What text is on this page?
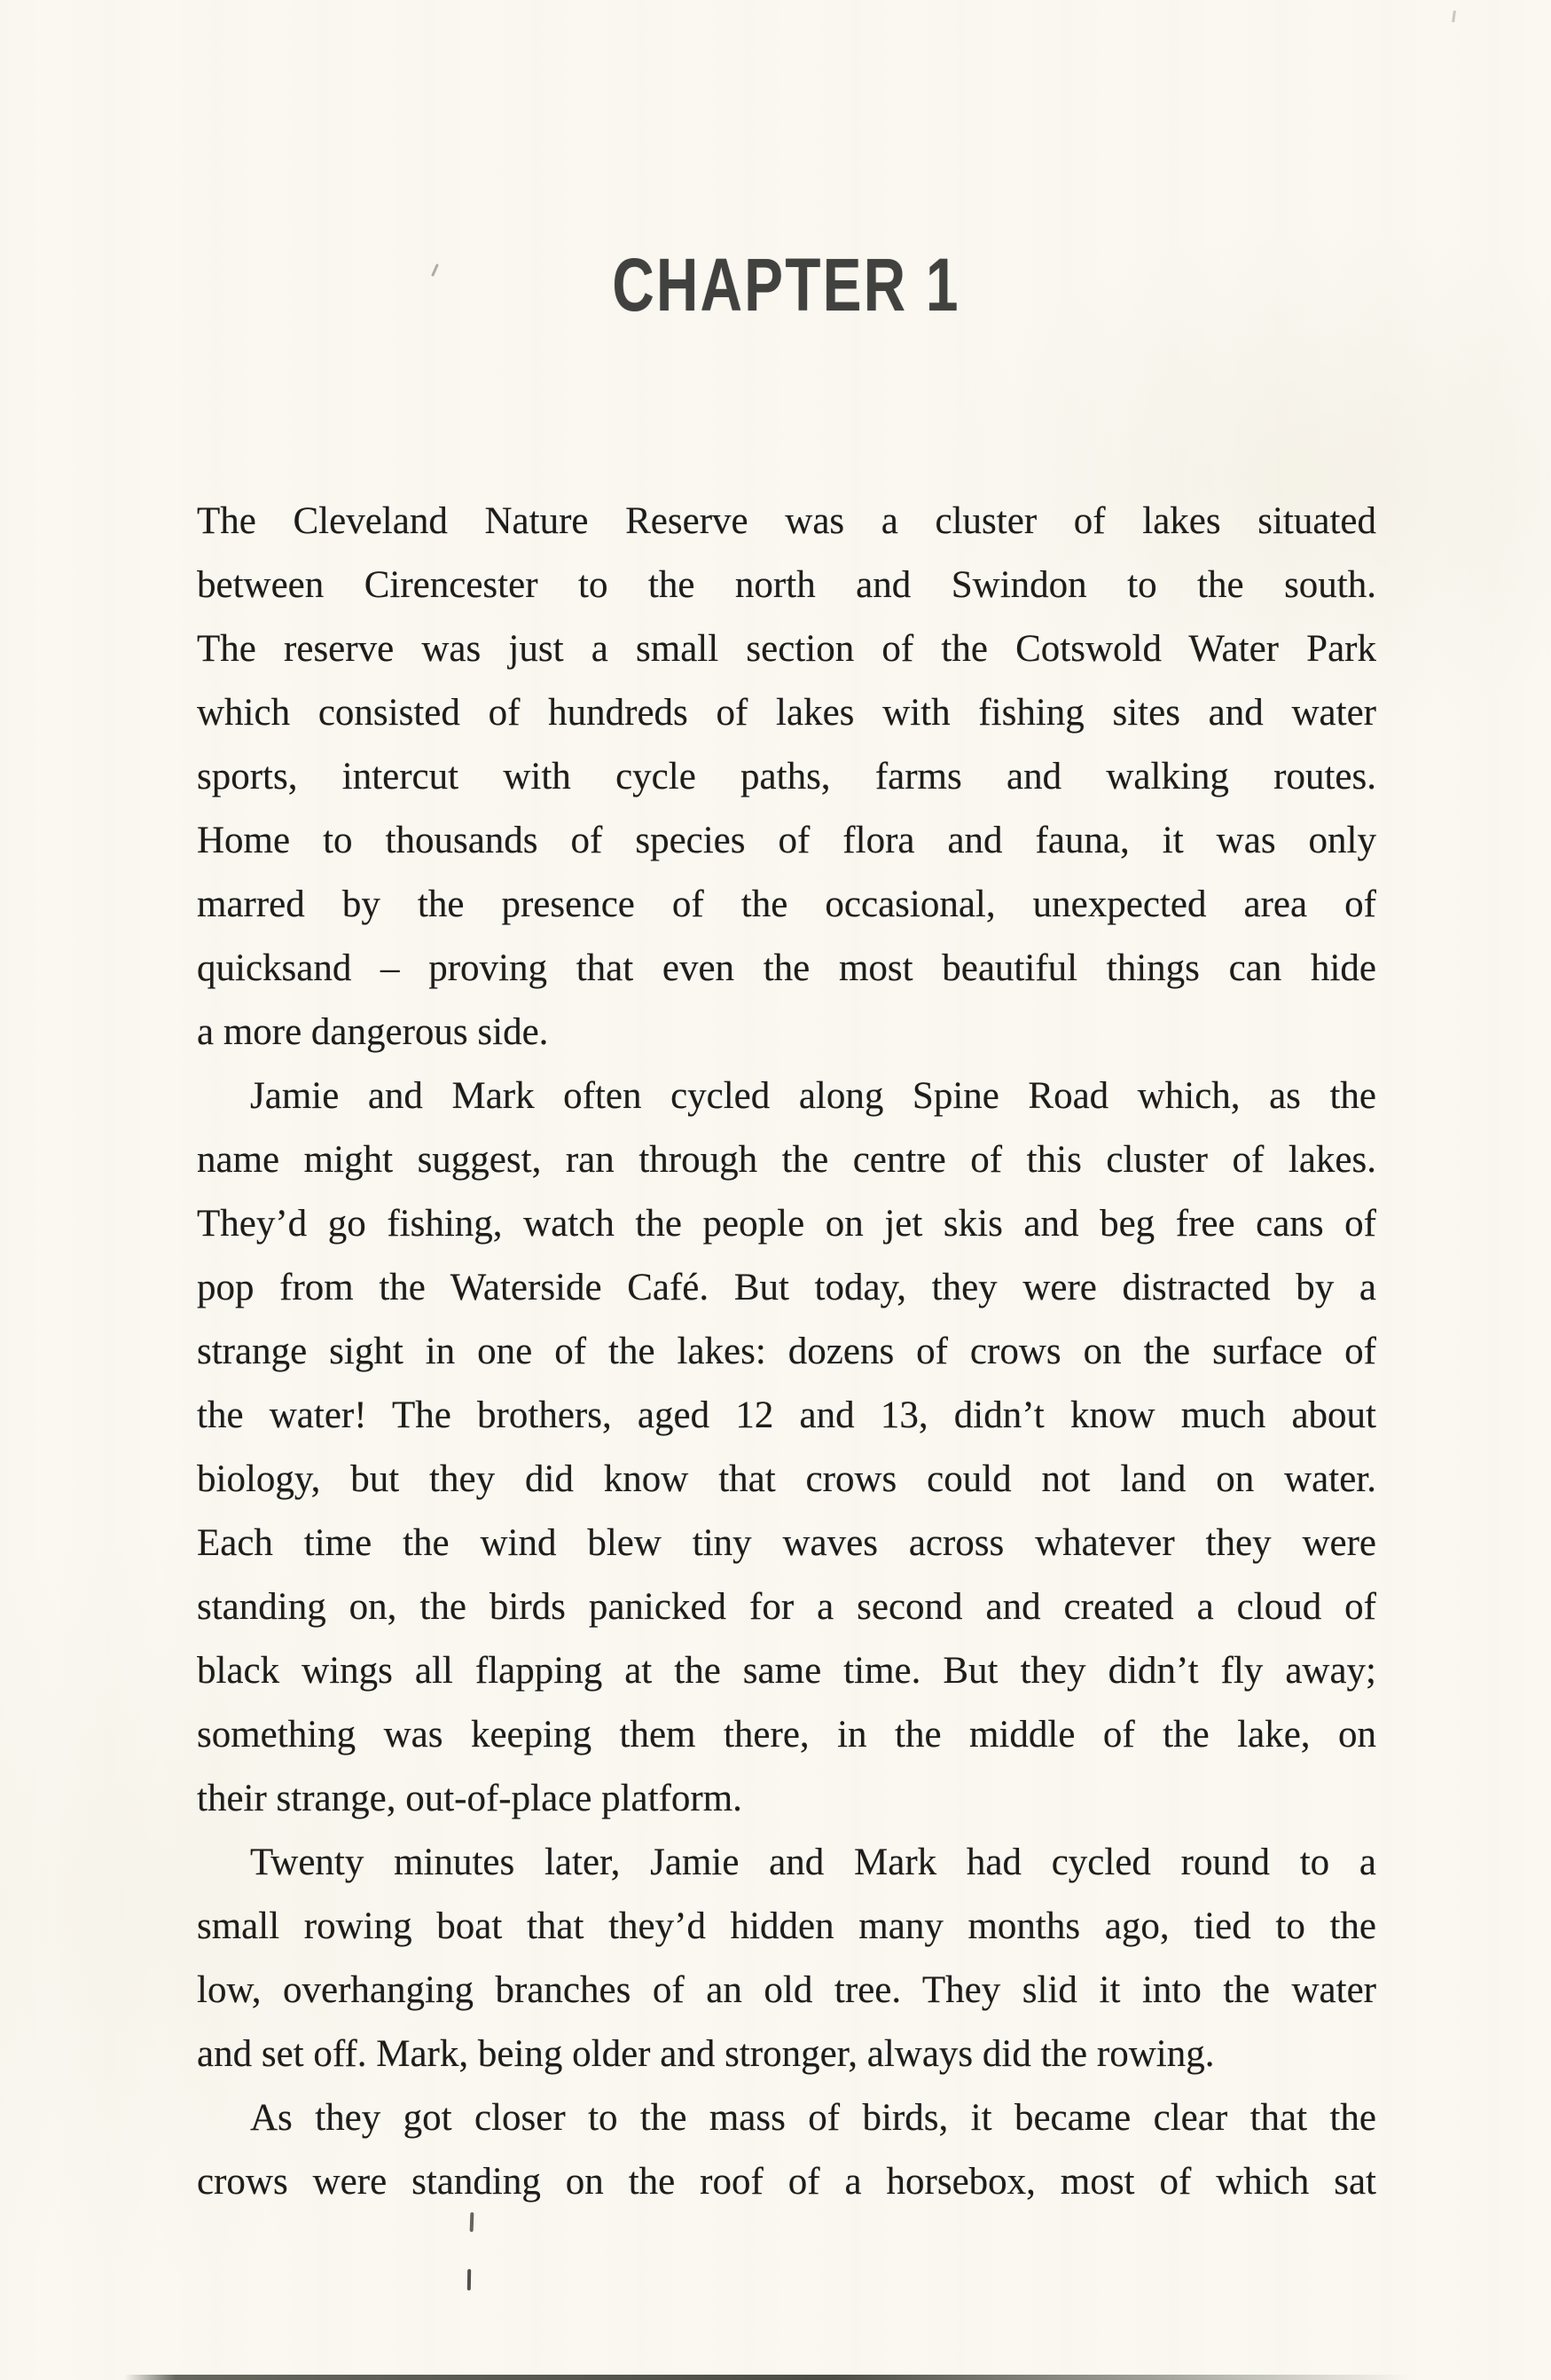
CHAPTER 1
The Cleveland Nature Reserve was a cluster of lakes situated
between Cirencester to the north and Swindon to the south.
The reserve was just a small section of the Cotswold Water Park
which consisted of hundreds of lakes with fishing sites and water
sports, intercut with cycle paths, farms and walking routes.
Home to thousands of species of flora and fauna, it was only
marred by the presence of the occasional, unexpected area of
quicksand – proving that even the most beautiful things can hide
a more dangerous side.
Jamie and Mark often cycled along Spine Road which, as the
name might suggest, ran through the centre of this cluster of lakes.
They’d go fishing, watch the people on jet skis and beg free cans of
pop from the Waterside Café. But today, they were distracted by a
strange sight in one of the lakes: dozens of crows on the surface of
the water! The brothers, aged 12 and 13, didn’t know much about
biology, but they did know that crows could not land on water.
Each time the wind blew tiny waves across whatever they were
standing on, the birds panicked for a second and created a cloud of
black wings all flapping at the same time. But they didn’t fly away;
something was keeping them there, in the middle of the lake, on
their strange, out-of-place platform.
Twenty minutes later, Jamie and Mark had cycled round to a
small rowing boat that they’d hidden many months ago, tied to the
low, overhanging branches of an old tree. They slid it into the water
and set off. Mark, being older and stronger, always did the rowing.
As they got closer to the mass of birds, it became clear that the
crows were standing on the roof of a horsebox, most of which sat
